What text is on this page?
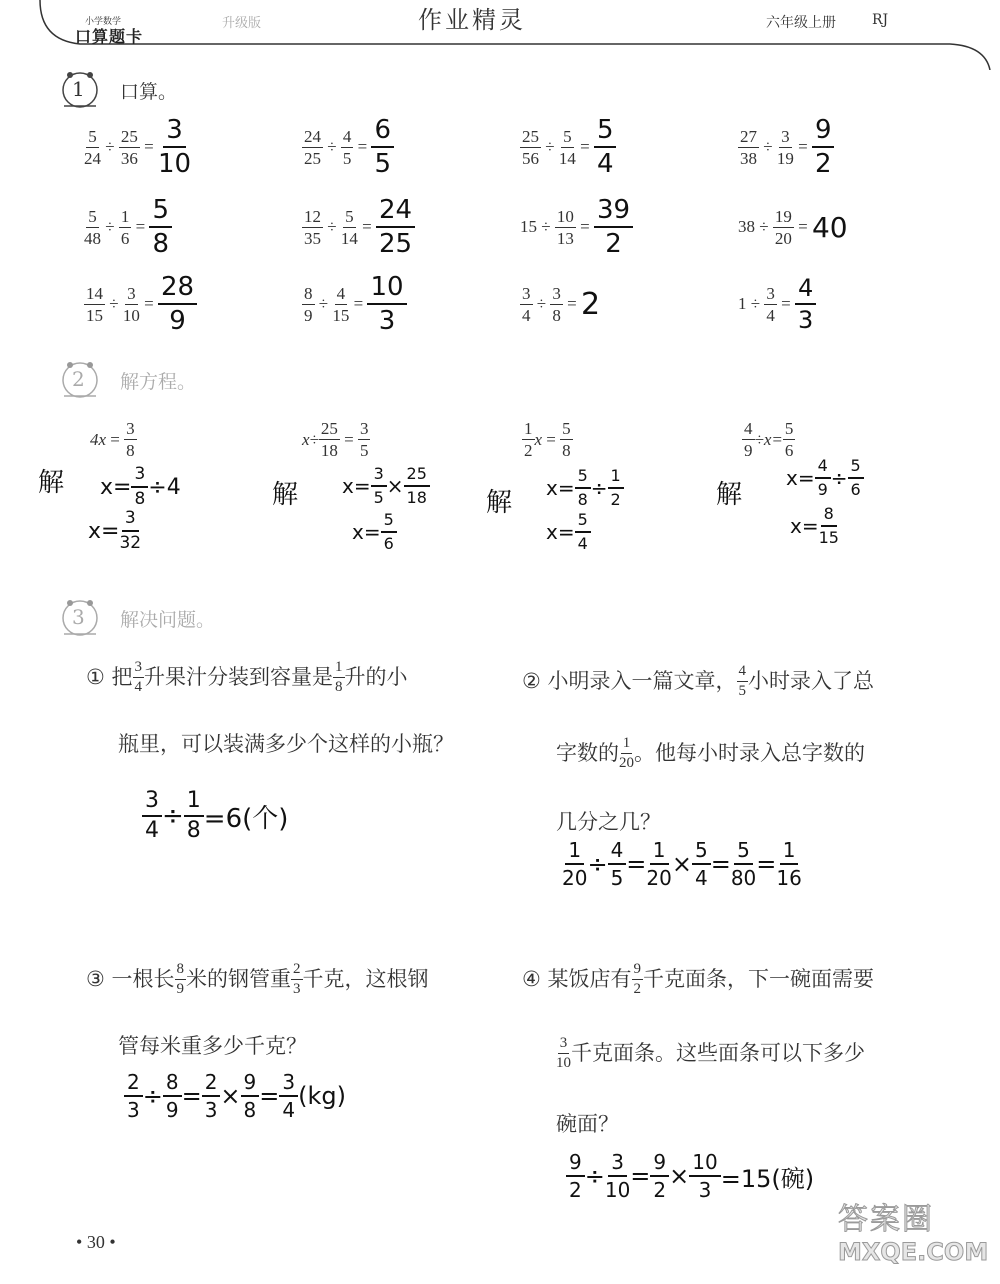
小学数学
口算题卡
升级版	作业精灵	六年级上册	RJ
1 口算。
$\frac{5}{24} \div \frac{25}{36} = \frac{3}{10}$	$\frac{24}{25} \div \frac{4}{5} = \frac{6}{5}$	$\frac{25}{56} \div \frac{5}{14} = \frac{5}{4}$	$\frac{27}{38} \div \frac{3}{19} = \frac{9}{2}$
$\frac{5}{48} \div \frac{1}{6} = \frac{5}{8}$	$\frac{12}{35} \div \frac{5}{14} = \frac{24}{25}$	$15 \div \frac{10}{13} = \frac{39}{2}$	$38 \div \frac{19}{20} = 40$
$\frac{14}{15} \div \frac{3}{10} = \frac{28}{9}$	$\frac{8}{9} \div \frac{4}{15} = \frac{10}{3}$	$\frac{3}{4} \div \frac{3}{8} = 2$	$1 \div \frac{3}{4} = \frac{4}{3}$
2 解方程。
$4x = \frac{3}{8}$
解 $x= \frac{3}{8} \div 4$
$x= \frac{3}{32}$
$x\div \frac{25}{18} = \frac{3}{5}$
解 $x= \frac{3}{5} \times \frac{25}{18}$
$x= \frac{5}{6}$
$\frac{1}{2}$ $x = \frac{5}{8}$
解 $x= \frac{5}{8} \div \frac{1}{2}$
$x= \frac{5}{4}$
$\frac{4}{9} \div x= \frac{5}{6}$
解
$x= \frac{4}{9} \div \frac{5}{6}$
$x= \frac{8}{15}$
3 解决问题。
①
把 $\frac{3}{4}$ 升果汁分装到容量是 $\frac{1}{8}$ 升的小
瓶里，可以装满多少个这样的小瓶？
$\frac{3}{4} \div \frac{1}{8} =6$(个)
②
小明录入一篇文章， $\frac{4}{5}$ 小时录入了总
字数的 $\frac{1}{20}$ 。他每小时录入总字数的
几分之几？
$\frac{1}{20} \div \frac{4}{5} = \frac{1}{20} \times \frac{5}{4} = \frac{5}{80} = \frac{1}{16}$
③
一根长 $\frac{8}{9}$ 米的钢管重 $\frac{2}{3}$ 千克，这根钢
管每米重多少千克？
$\frac{2}{3} \div \frac{8}{9} = \frac{2}{3} \times \frac{9}{8} = \frac{3}{4} (kg)$
④
某饭店有 $\frac{9}{2}$ 千克面条，下一碗面需要
$\frac{3}{10}$ 千克面条。这些面条可以下多少
碗面？
$\frac{9}{2} \div \frac{3}{10} = \frac{9}{2} \times \frac{10}{3} =15$(碗)
• 30 •
答案圈
MXQE.COM
